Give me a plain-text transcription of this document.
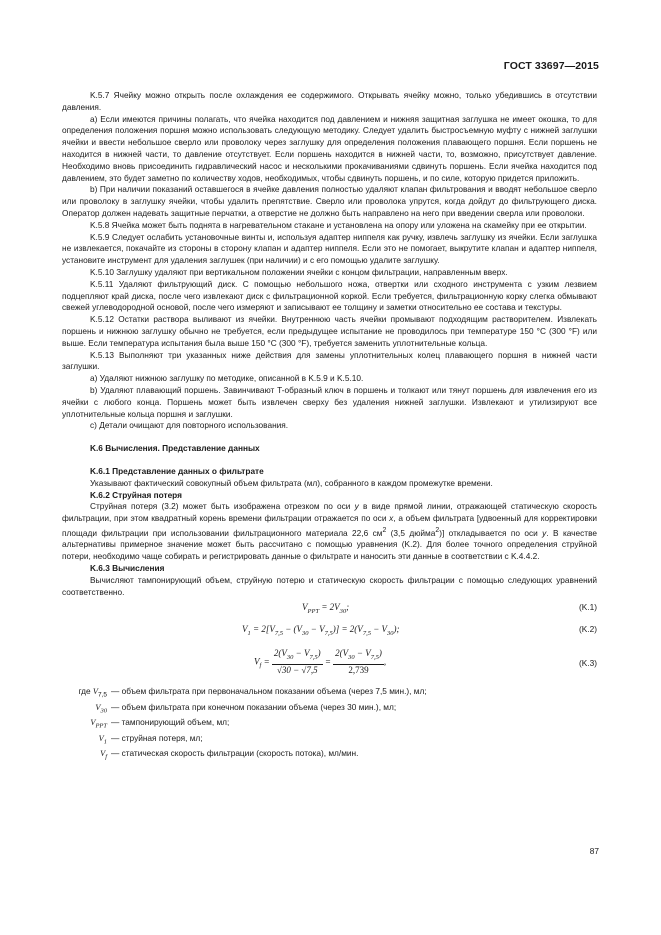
ГОСТ 33697—2015

K.5.7 Ячейку можно открыть после охлаждения ее содержимого. Открывать ячейку можно, только убедившись в отсутствии давления.

a) Если имеются причины полагать, что ячейка находится под давлением и нижняя защитная заглушка не имеет окошка, то для определения положения поршня можно использовать следующую методику. Следует удалить быстросъемную муфту с нижней заглушки ячейки и ввести небольшое сверло или проволоку через заглушку для определения положения плавающего поршня. Если поршень не находится в нижней части, то давление отсутствует. Если поршень находится в нижней части, то, возможно, присутствует давление. Необходимо вновь присоединить гидравлический насос и несколькими прокачиваниями сдвинуть поршень. Если ячейка находится под давлением, это будет заметно по количеству ходов, необходимых, чтобы сдвинуть поршень, и по силе, которую придется приложить.

b) При наличии показаний оставшегося в ячейке давления полностью удаляют клапан фильтрования и вводят небольшое сверло или проволоку в заглушку ячейки, чтобы удалить препятствие. Сверло или проволока упрутся, когда дойдут до фильтрующего диска. Оператор должен надевать защитные перчатки, а отверстие не должно быть направлено на него при введении сверла или проволоки.

K.5.8 Ячейка может быть поднята в нагревательном стакане и установлена на опору или уложена на скамейку при ее открытии.

K.5.9 Следует ослабить установочные винты и, используя адаптер ниппеля как ручку, извлечь заглушку из ячейки. Если заглушка не извлекается, покачайте из стороны в сторону клапан и адаптер ниппеля. Если это не помогает, выкрутите клапан и адаптер ниппеля, установите инструмент для удаления заглушек (при наличии) и с его помощью удалите заглушку.

K.5.10 Заглушку удаляют при вертикальном положении ячейки с концом фильтрации, направленным вверх.

K.5.11 Удаляют фильтрующий диск. С помощью небольшого ножа, отвертки или сходного инструмента с узким лезвием подцепляют край диска, после чего извлекают диск с фильтрационной коркой. Если требуется, фильтрационную корку слегка обмывают свежей углеводородной основой, после чего измеряют и записывают ее толщину и заметки относительно ее состава и текстуры.

K.5.12 Остатки раствора выливают из ячейки. Внутреннюю часть ячейки промывают подходящим растворителем. Извлекать поршень и нижнюю заглушку обычно не требуется, если предыдущее испытание не проводилось при температуре 150 °C (300 °F) или выше. Если температура испытания была выше 150 °C (300 °F), требуется заменить уплотнительные кольца.

K.5.13 Выполняют три указанных ниже действия для замены уплотнительных колец плавающего поршня в нижней части заглушки.

a) Удаляют нижнюю заглушку по методике, описанной в K.5.9 и K.5.10.

b) Удаляют плавающий поршень. Завинчивают T-образный ключ в поршень и толкают или тянут поршень для извлечения его из ячейки с любого конца. Поршень может быть извлечен сверху без удаления нижней заглушки. Извлекают и утилизируют все уплотнительные кольца поршня и заглушки.

c) Детали очищают для повторного использования.

K.6 Вычисления. Представление данных

K.6.1 Представление данных о фильтрате

Указывают фактический совокупный объем фильтрата (мл), собранного в каждом промежутке времени.

K.6.2 Струйная потеря

Струйная потеря (3.2) может быть изображена отрезком по оси y в виде прямой линии, отражающей статическую скорость фильтрации, при этом квадратный корень времени фильтрации отражается по оси x, а объем фильтрата [удвоенный для корректировки площади фильтрации при использовании фильтрационного материала 22,6 $см^2$ (3,5 дюйма$^2$)] откладывается по оси y. В качестве альтернативы примерное значение может быть рассчитано с помощью уравнения (K.2). Для более точного определения струйной потери, необходимо чаще собирать и регистрировать данные о фильтрате и наносить эти данные в соответствии с K.4.4.2.

K.6.3 Вычисления

Вычисляют тампонирующий объем, струйную потерю и статическую скорость фильтрации с помощью следующих уравнений соответственно.

$V_{PPT} = 2V_{30}$;	(K.1)
$V_1 = 2[V_{7,5} - (V_{30} - V_{7,5})] = 2(V_{7,5} - V_{30})$;	(K.2)
$V_f = \frac{2(V_{30} - V_{7,5})}{√30 - √7,5} = \frac{2(V_{30} - V_{7,5})}{2,739}$ ,	(K.3)
где $V_{7,5}$ — объем фильтрата при первоначальном показании объема (через 7,5 мин.), мл;
$V_{30}$ — объем фильтрата при конечном показании объема (через 30 мин.), мл;
$V_{PPT}$ — тампонирующий объем, мл;
$V_1$ — струйная потеря, мл;
$V_f$ — статическая скорость фильтрации (скорость потока), мл/мин.
87
